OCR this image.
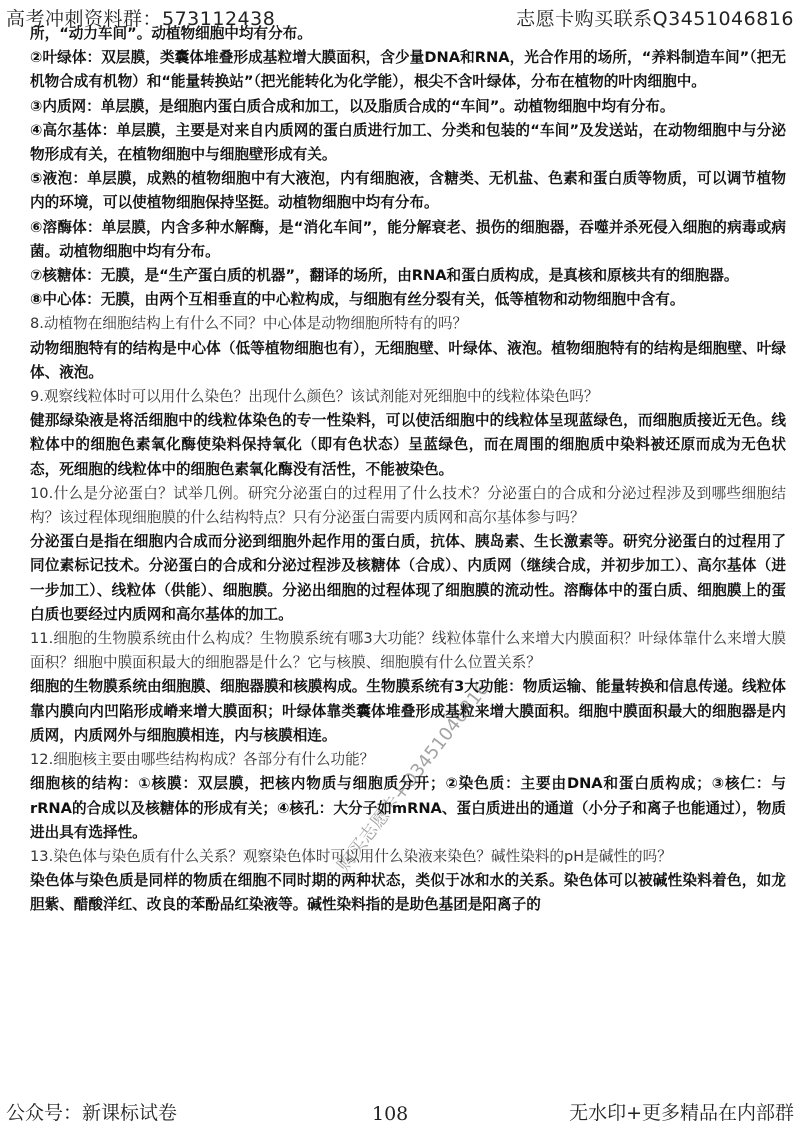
高考冲刺资料群：573112438	志愿卡购买联系Q3451046816

所，“动力车间”。动植物细胞中均有分布。

②叶绿体：双层膜，类囊体堆叠形成基粒增大膜面积，含少量DNA和RNA，光合作用的场所，“养料制造车间”（把无机物合成有机物）和“能量转换站”（把光能转化为化学能），根尖不含叶绿体，分布在植物的叶肉细胞中。

③内质网：单层膜，是细胞内蛋白质合成和加工，以及脂质合成的“车间”。动植物细胞中均有分布。

④高尔基体：单层膜，主要是对来自内质网的蛋白质进行加工、分类和包装的“车间”及发送站，在动物细胞中与分泌物形成有关，在植物细胞中与细胞壁形成有关。

⑤液泡：单层膜，成熟的植物细胞中有大液泡，内有细胞液，含糖类、无机盐、色素和蛋白质等物质，可以调节植物内的环境，可以使植物细胞保持坚挺。动植物细胞中均有分布。

⑥溶酶体：单层膜，内含多种水解酶，是“消化车间”，能分解衰老、损伤的细胞器，吞噬并杀死侵入细胞的病毒或病菌。动植物细胞中均有分布。

⑦核糖体：无膜，是“生产蛋白质的机器”，翻译的场所，由RNA和蛋白质构成，是真核和原核共有的细胞器。

⑧中心体：无膜，由两个互相垂直的中心粒构成，与细胞有丝分裂有关，低等植物和动物细胞中含有。

8.动植物在细胞结构上有什么不同？中心体是动物细胞所特有的吗？

动物细胞特有的结构是中心体（低等植物细胞也有），无细胞壁、叶绿体、液泡。植物细胞特有的结构是细胞壁、叶绿体、液泡。

9.观察线粒体时可以用什么染色？出现什么颜色？该试剂能对死细胞中的线粒体染色吗？

健那绿染液是将活细胞中的线粒体染色的专一性染料，可以使活细胞中的线粒体呈现蓝绿色，而细胞质接近无色。线粒体中的细胞色素氧化酶使染料保持氧化（即有色状态）呈蓝绿色，而在周围的细胞质中染料被还原而成为无色状态，死细胞的线粒体中的细胞色素氧化酶没有活性，不能被染色。

10.什么是分泌蛋白？试举几例。研究分泌蛋白的过程用了什么技术？分泌蛋白的合成和分泌过程涉及到哪些细胞结构？该过程体现细胞膜的什么结构特点？只有分泌蛋白需要内质网和高尔基体参与吗？

分泌蛋白是指在细胞内合成而分泌到细胞外起作用的蛋白质，抗体、胰岛素、生长激素等。研究分泌蛋白的过程用了同位素标记技术。分泌蛋白的合成和分泌过程涉及核糖体（合成）、内质网（继续合成，并初步加工）、高尔基体（进一步加工）、线粒体（供能）、细胞膜。分泌出细胞的过程体现了细胞膜的流动性。溶酶体中的蛋白质、细胞膜上的蛋白质也要经过内质网和高尔基体的加工。

11.细胞的生物膜系统由什么构成？生物膜系统有哪3大功能？线粒体靠什么来增大内膜面积？叶绿体靠什么来增大膜面积？细胞中膜面积最大的细胞器是什么？它与核膜、细胞膜有什么位置关系？

细胞的生物膜系统由细胞膜、细胞器膜和核膜构成。生物膜系统有3大功能：物质运输、能量转换和信息传递。线粒体靠内膜向内凹陷形成嵴来增大膜面积；叶绿体靠类囊体堆叠形成基粒来增大膜面积。细胞中膜面积最大的细胞器是内质网，内质网外与细胞膜相连，内与核膜相连。

12.细胞核主要由哪些结构构成？各部分有什么功能？

细胞核的结构：①核膜：双层膜，把核内物质与细胞质分开；②染色质：主要由DNA和蛋白质构成；③核仁：与rRNA的合成以及核糖体的形成有关；④核孔：大分子如mRNA、蛋白质进出的通道（小分子和离子也能通过），物质进出具有选择性。

13.染色体与染色质有什么关系？观察染色体时可以用什么染液来染色？碱性染料的pH是碱性的吗？

染色体与染色质是同样的物质在细胞不同时期的两种状态，类似于冰和水的关系。染色体可以被碱性染料着色，如龙胆紫、醋酸洋红、改良的苯酚品红染液等。碱性染料指的是助色基团是阳离子的

购买志愿卡+Q3451046816
公众号：新课标试卷	108	无水印+更多精品在内部群
